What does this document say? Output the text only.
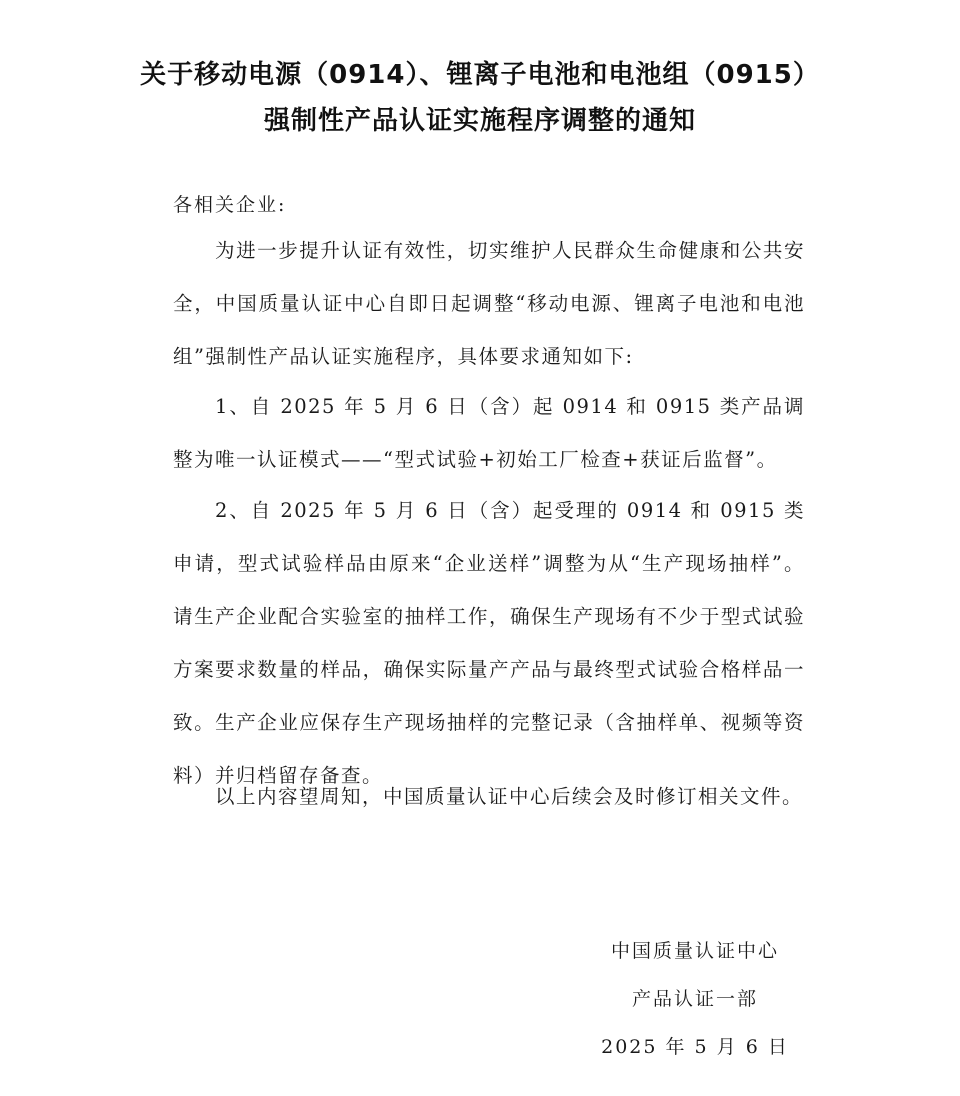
关于移动电源（0914）、锂离子电池和电池组（0915）
强制性产品认证实施程序调整的通知
各相关企业:

为进一步提升认证有效性，切实维护人民群众生命健康和公共安全，中国质量认证中心自即日起调整“移动电源、锂离子电池和电池组”强制性产品认证实施程序，具体要求通知如下:

1、自 2025 年 5 月 6 日（含）起 0914 和 0915 类产品调整为唯一认证模式——“型式试验+初始工厂检查+获证后监督”。

2、自 2025 年 5 月 6 日（含）起受理的 0914 和 0915 类申请，型式试验样品由原来“企业送样”调整为从“生产现场抽样”。请生产企业配合实验室的抽样工作，确保生产现场有不少于型式试验方案要求数量的样品，确保实际量产产品与最终型式试验合格样品一致。生产企业应保存生产现场抽样的完整记录（含抽样单、视频等资料）并归档留存备查。

以上内容望周知，中国质量认证中心后续会及时修订相关文件。

中国质量认证中心
产品认证一部
2025 年 5 月 6 日
